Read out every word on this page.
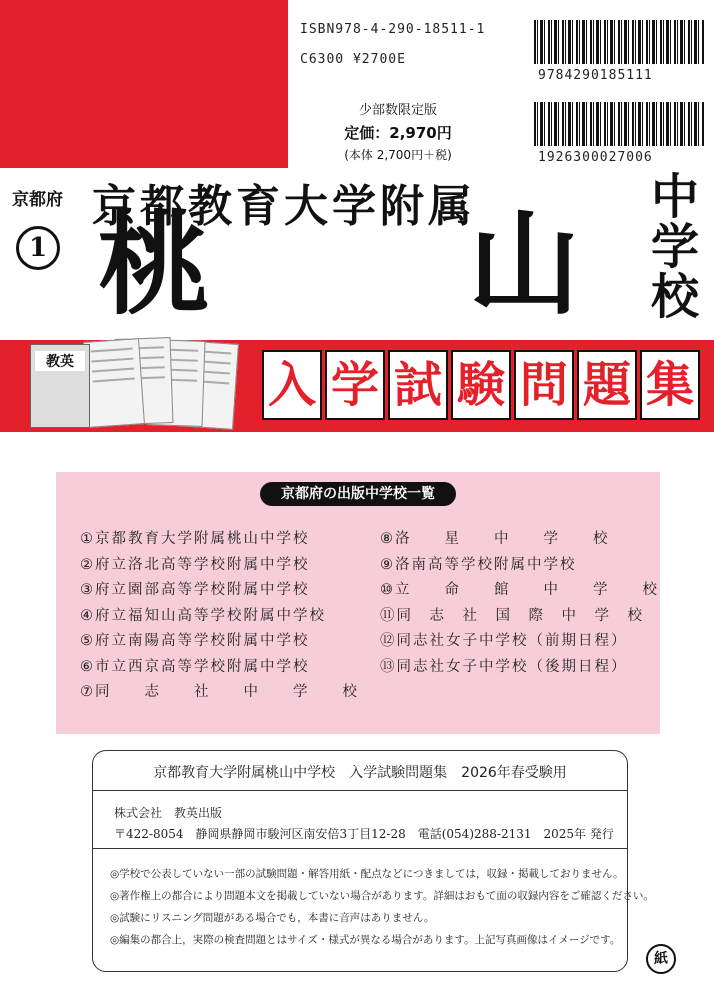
ISBN978-4-290-18511-1
C6300 ¥2700E
9784290185111
1926300027006
少部数限定版
定価：2,970円
(本体 2,700円＋税)
京都府
1
京都教育大学附属
桃 山
中学校
教英	入 学 試 験 問 題 集
京都府の出版中学校一覧
①京都教育大学附属桃山中学校
②府立洛北高等学校附属中学校
③府立園部高等学校附属中学校
④府立福知山高等学校附属中学校
⑤府立南陽高等学校附属中学校
⑥市立西京高等学校附属中学校
⑦同　　志　　社　　中　　学　　校
⑧洛　　星　　中　　学　　校
⑨洛南高等学校附属中学校
⑩立　　命　　館　　中　　学　　校
⑪同　志　社　国　際　中　学　校
⑫同志社女子中学校（前期日程）
⑬同志社女子中学校（後期日程）
京都教育大学附属桃山中学校　入学試験問題集　2026年春受験用
株式会社　教英出版
〒422-8054　静岡県静岡市駿河区南安倍3丁目12-28　電話(054)288-2131　2025年 発行
◎学校で公表していない一部の試験問題・解答用紙・配点などにつきましては，収録・掲載しておりません。
◎著作権上の都合により問題本文を掲載していない場合があります。詳細はおもて面の収録内容をご確認ください。
◎試験にリスニング問題がある場合でも，本書に音声はありません。
◎編集の都合上，実際の検査問題とはサイズ・様式が異なる場合があります。上記写真画像はイメージです。
紙
